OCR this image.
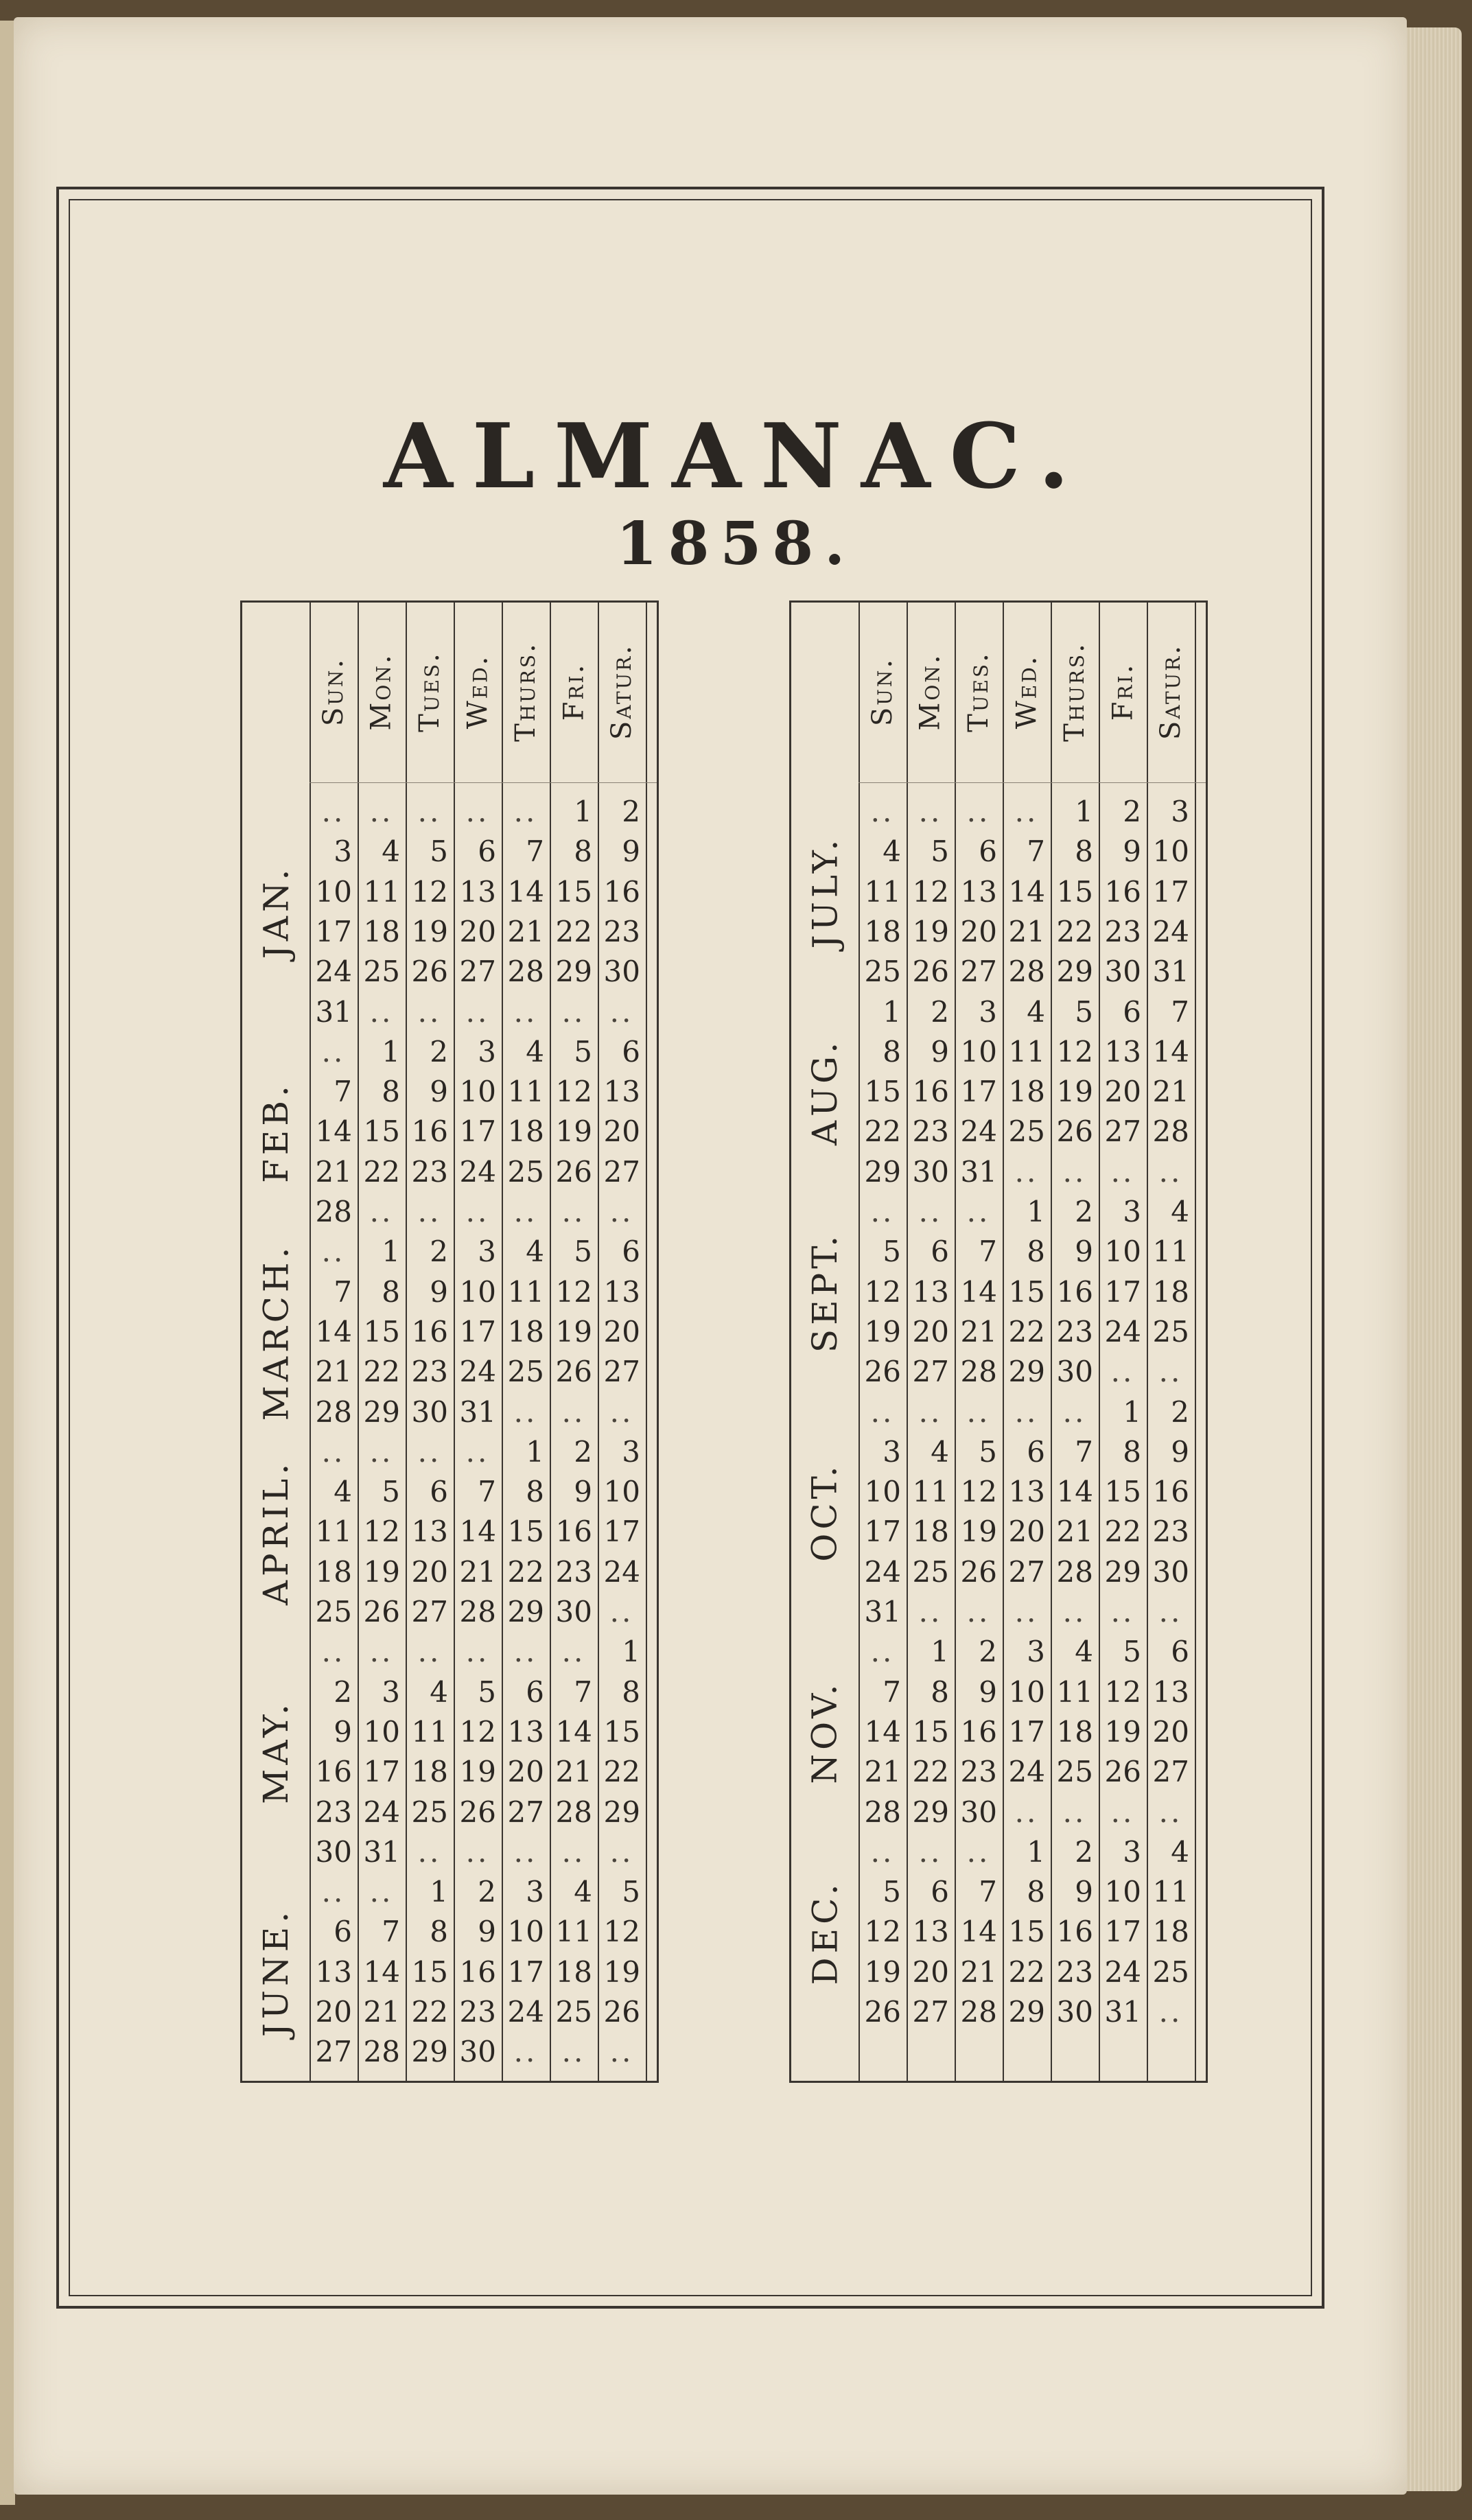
ALMANAC.
1858.
Sun. Mon. Tues. Wed. Thurs. Fri. Satur.
JAN.
.. .. .. .. ..	1	2
3	4	5	6	7	8	9
10 11 12 13 14 15 16
17 18 19 20 21 22 23
24 25 26 27 28 29 30
31 .. .. .. .. .. ..
FEB.
..	1	2	3	4	5	6
7	8	9 10 11 12 13
14 15 16 17 18 19 20
21 22 23 24 25 26 27
28 .. .. .. .. .. ..
MARCH. ..	1	2	3	4	5	6
7	8	9 10 11 12 13
14 15 16 17 18 19 20
21 22 23 24 25 26 27
28 29 30 31 .. .. ..
APRIL.
.. .. .. ..	1	2	3
4	5	6	7	8	9 10
11 12 13 14 15 16 17
18 19 20 21 22 23 24
25 26 27 28 29 30 ..
MAY.
.. .. .. .. .. ..	1
2	3	4	5	6	7	8
9 10 11 12 13 14 15
16 17 18 19 20 21 22
23 24 25 26 27 28 29
30 31 .. .. .. .. ..
JUNE.
.. ..	1	2	3	4	5
6	7	8	9 10 11 12
13 14 15 16 17 18 19
20 21 22 23 24 25 26
27 28 29 30 .. .. ..
Sun. Mon. Tues. Wed. Thurs. Fri. Satur.
JULY.
.. .. .. ..	1	2	3
4	5	6	7	8	9 10
11 12 13 14 15 16 17
18 19 20 21 22 23 24
25 26 27 28 29 30 31
AUG.
1	2	3	4	5	6	7
8	9 10 11 12 13 14
15 16 17 18 19 20 21
22 23 24 25 26 27 28
29 30 31 .. .. .. ..
SEPT.
.. .. ..	1	2	3	4
5	6	7	8	9 10 11
12 13 14 15 16 17 18
19 20 21 22 23 24 25
26 27 28 29 30 .. ..
OCT.
.. .. .. .. ..	1	2
3	4	5	6	7	8	9
10 11 12 13 14 15 16
17 18 19 20 21 22 23
24 25 26 27 28 29 30
31 .. .. .. .. .. ..
NOV.
..	1	2	3	4	5	6
7	8	9 10 11 12 13
14 15 16 17 18 19 20
21 22 23 24 25 26 27
28 29 30 .. .. .. ..
DEC.
.. .. ..	1	2	3	4
5	6	7	8	9 10 11
12 13 14 15 16 17 18
19 20 21 22 23 24 25
26 27 28 29 30 31 ..
